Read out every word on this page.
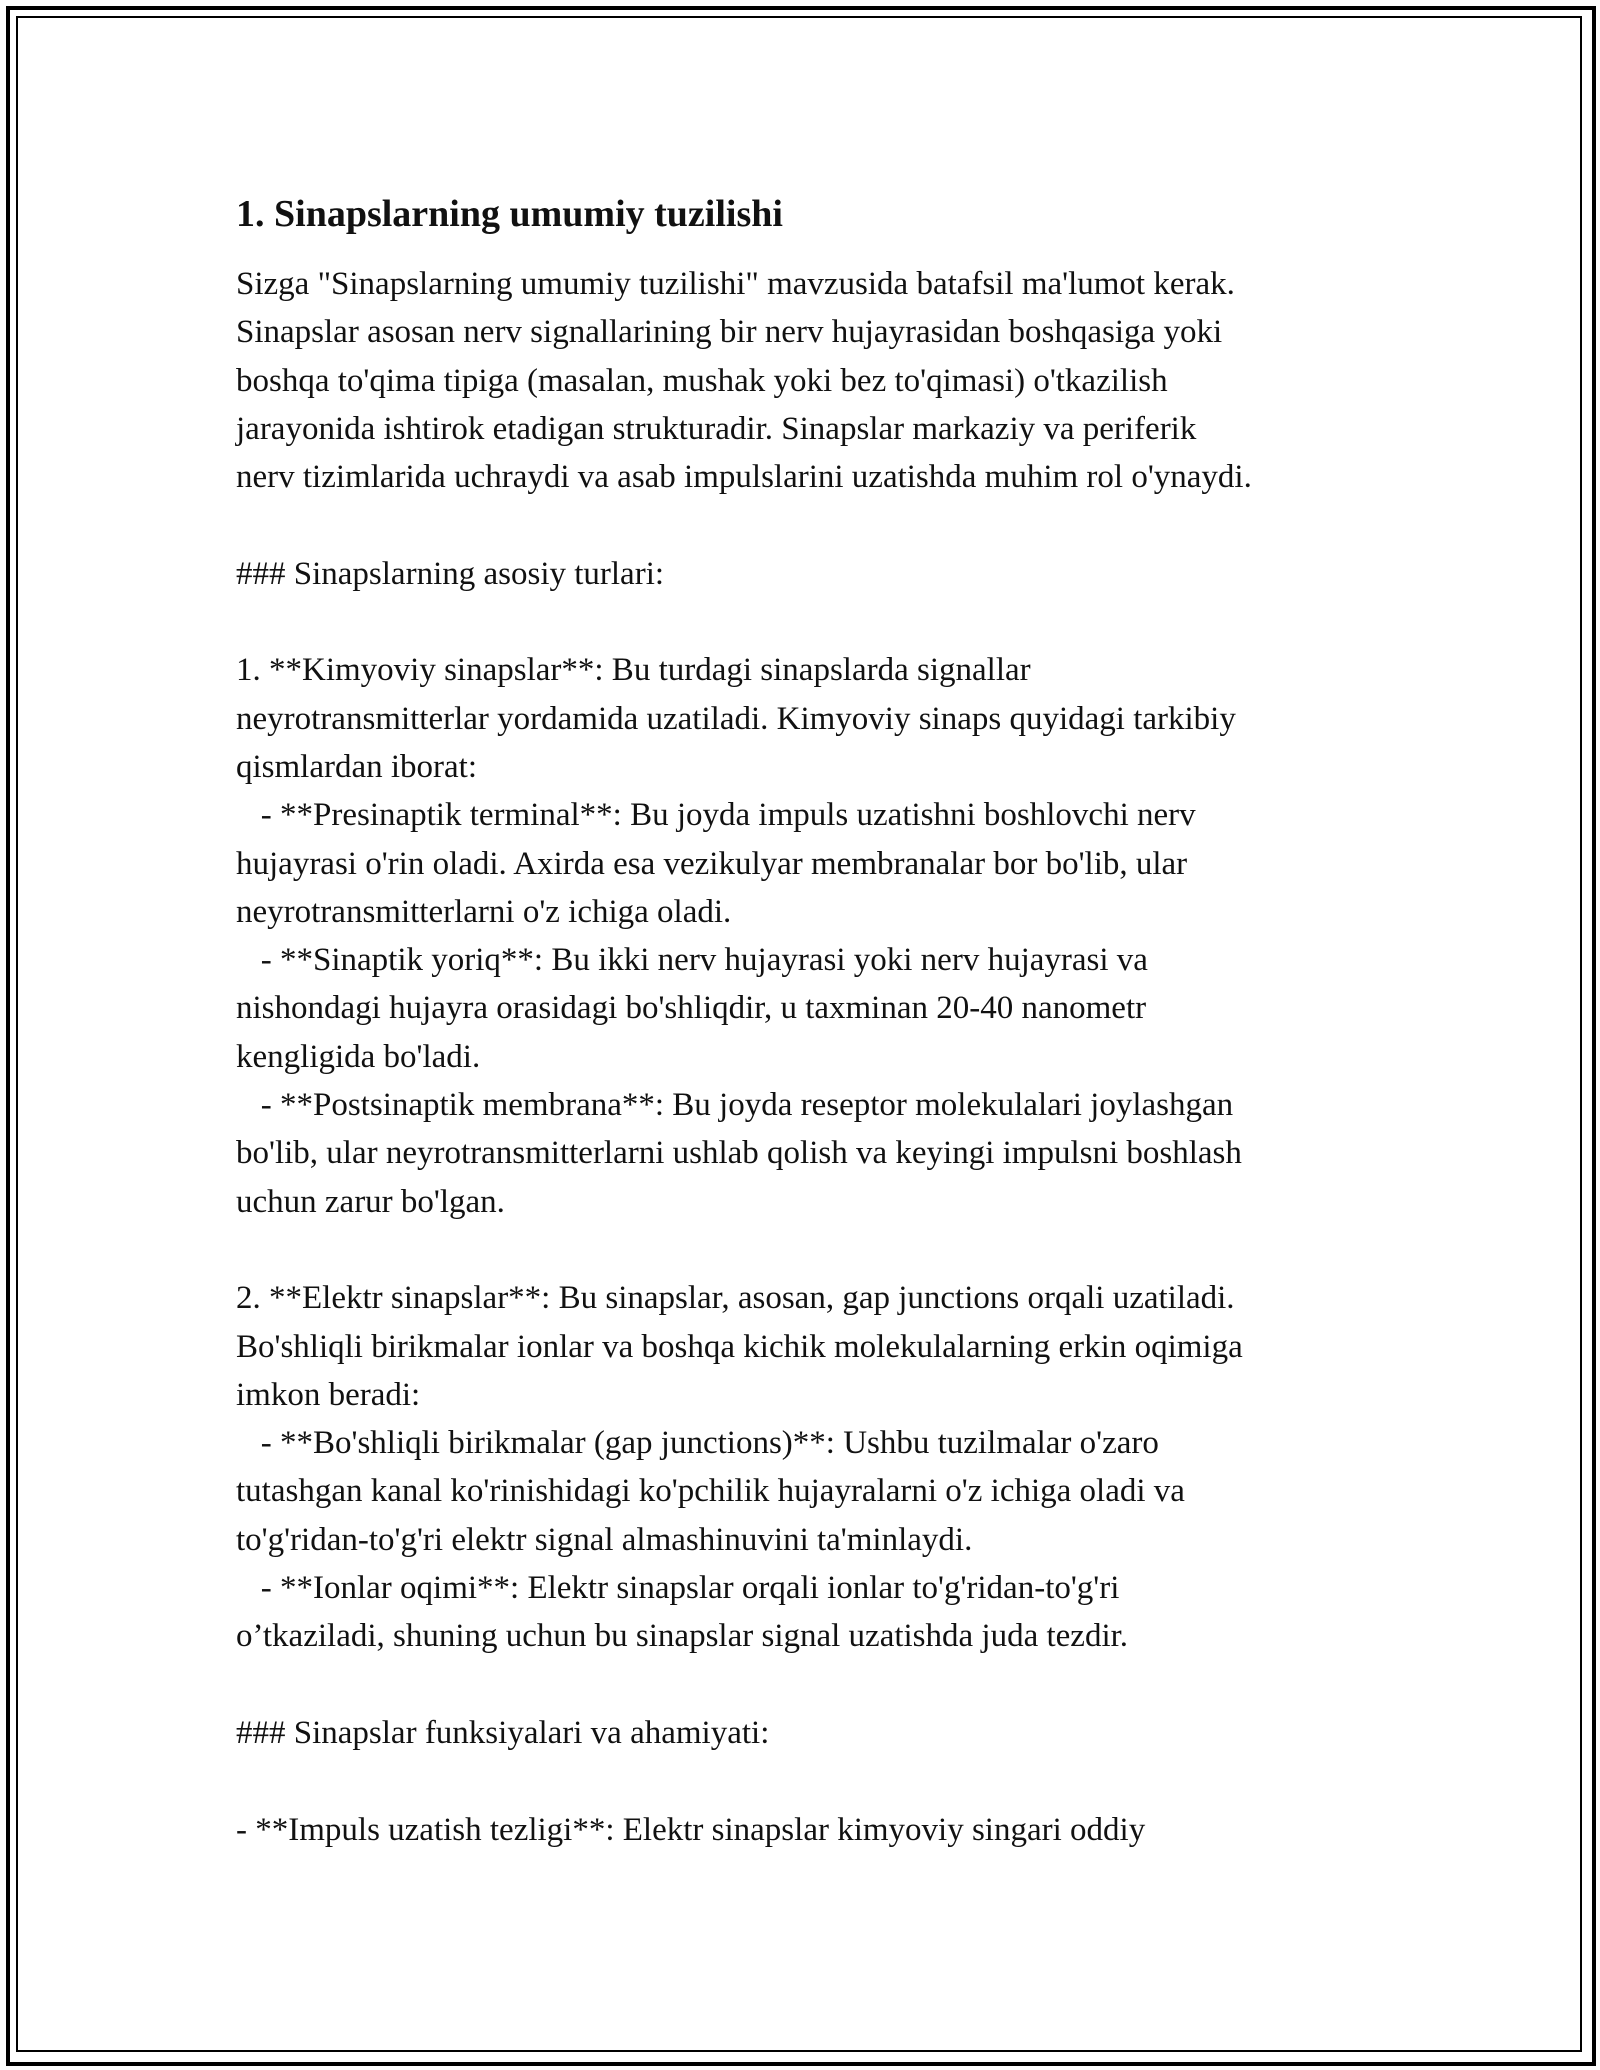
1. Sinapslarning umumiy tuzilishi
Sizga "Sinapslarning umumiy tuzilishi" mavzusida batafsil ma'lumot kerak.
Sinapslar asosan nerv signallarining bir nerv hujayrasidan boshqasiga yoki
boshqa to'qima tipiga (masalan, mushak yoki bez to'qimasi) o'tkazilish
jarayonida ishtirok etadigan strukturadir. Sinapslar markaziy va periferik
nerv tizimlarida uchraydi va asab impulslarini uzatishda muhim rol o'ynaydi.
### Sinapslarning asosiy turlari:
1. **Kimyoviy sinapslar**: Bu turdagi sinapslarda signallar
neyrotransmitterlar yordamida uzatiladi. Kimyoviy sinaps quyidagi tarkibiy
qismlardan iborat:
- **Presinaptik terminal**: Bu joyda impuls uzatishni boshlovchi nerv
hujayrasi o'rin oladi. Axirda esa vezikulyar membranalar bor bo'lib, ular
neyrotransmitterlarni o'z ichiga oladi.
- **Sinaptik yoriq**: Bu ikki nerv hujayrasi yoki nerv hujayrasi va
nishondagi hujayra orasidagi bo'shliqdir, u taxminan 20-40 nanometr
kengligida bo'ladi.
- **Postsinaptik membrana**: Bu joyda reseptor molekulalari joylashgan
bo'lib, ular neyrotransmitterlarni ushlab qolish va keyingi impulsni boshlash
uchun zarur bo'lgan.
2. **Elektr sinapslar**: Bu sinapslar, asosan, gap junctions orqali uzatiladi.
Bo'shliqli birikmalar ionlar va boshqa kichik molekulalarning erkin oqimiga
imkon beradi:
- **Bo'shliqli birikmalar (gap junctions)**: Ushbu tuzilmalar o'zaro
tutashgan kanal ko'rinishidagi ko'pchilik hujayralarni o'z ichiga oladi va
to'g'ridan-to'g'ri elektr signal almashinuvini ta'minlaydi.
- **Ionlar oqimi**: Elektr sinapslar orqali ionlar to'g'ridan-to'g'ri
o’tkaziladi, shuning uchun bu sinapslar signal uzatishda juda tezdir.
### Sinapslar funksiyalari va ahamiyati:
- **Impuls uzatish tezligi**: Elektr sinapslar kimyoviy singari oddiy
